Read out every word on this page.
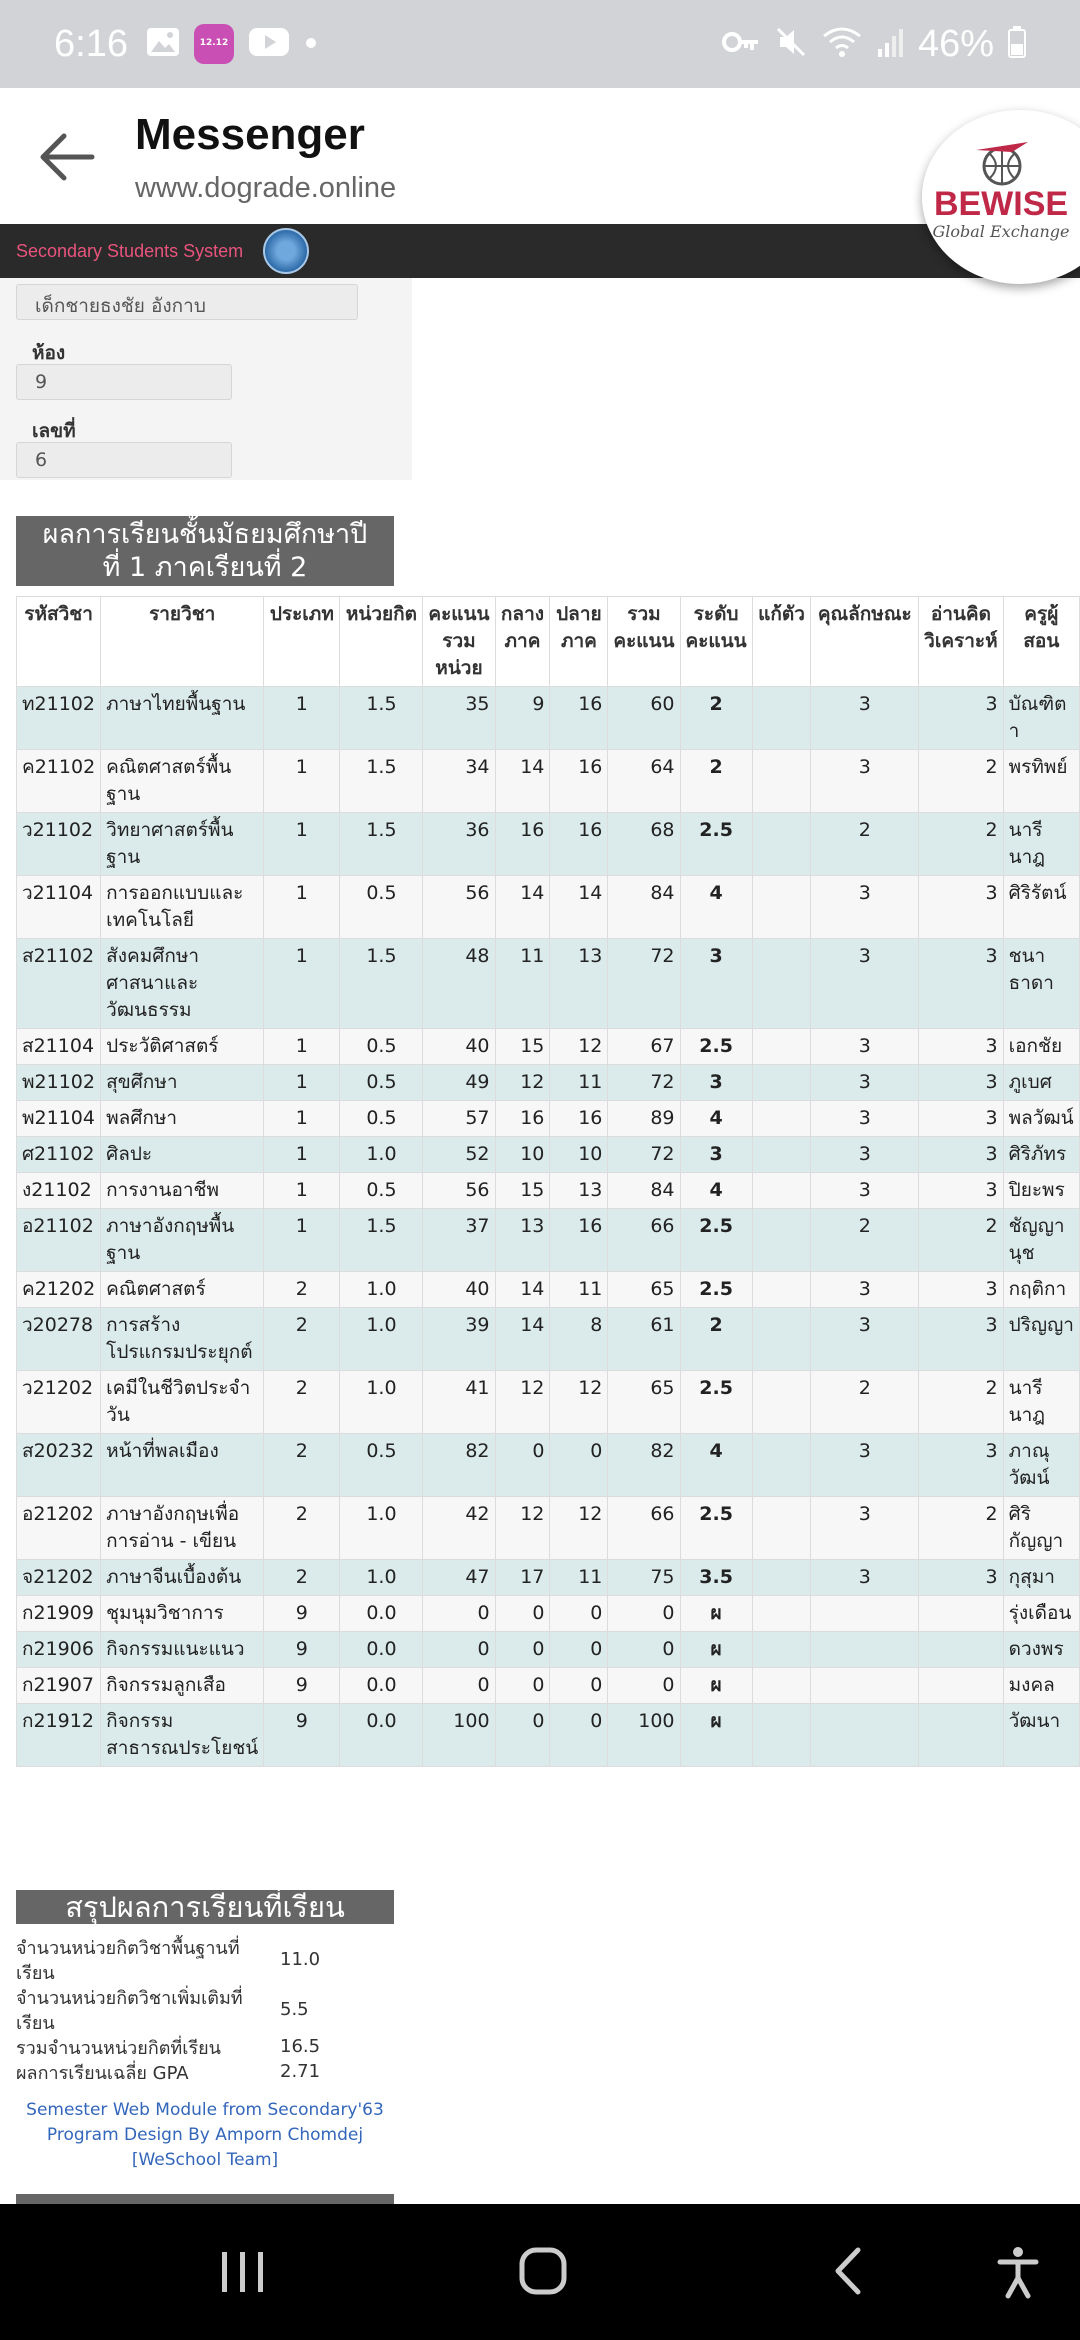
6:16	12.12	46%
Messenger
www.dograde.online	BEWISE
Global Exchange
Secondary Students System
เด็กชายธงชัย อังกาบ
ห้อง
9
เลขที่
6
ผลการเรียนชั้นมัธยมศึกษาปี
ที่ 1 ภาคเรียนที่ 2
รหัสวิชา	รายวิชา	ประเภท	หน่วยกิต	คะแนนรวมหน่วย	กลางภาค	ปลายภาค	รวมคะแนน	ระดับคะแนน	แก้ตัว	คุณลักษณะ	อ่านคิดวิเคราะห์	ครูผู้สอน
ท21102	ภาษาไทยพื้นฐาน	1	1.5	35	9	16	60	2		3	3	บัณฑิตา
ค21102	คณิตศาสตร์พื้นฐาน	1	1.5	34	14	16	64	2		3	2	พรทิพย์
ว21102	วิทยาศาสตร์พื้นฐาน	1	1.5	36	16	16	68	2.5		2	2	นารีนาฎ
ว21104	การออกแบบและเทคโนโลยี	1	0.5	56	14	14	84	4		3	3	ศิริรัตน์
ส21102	สังคมศึกษา ศาสนาและวัฒนธรรม	1	1.5	48	11	13	72	3		3	3	ชนาธาดา
ส21104	ประวัติศาสตร์	1	0.5	40	15	12	67	2.5		3	3	เอกชัย
พ21102	สุขศึกษา	1	0.5	49	12	11	72	3		3	3	ภูเบศ
พ21104	พลศึกษา	1	0.5	57	16	16	89	4		3	3	พลวัฒน์
ศ21102	ศิลปะ	1	1.0	52	10	10	72	3		3	3	ศิริภัทร
ง21102	การงานอาชีพ	1	0.5	56	15	13	84	4		3	3	ปิยะพร
อ21102	ภาษาอังกฤษพื้นฐาน	1	1.5	37	13	16	66	2.5		2	2	ชัญญานุช
ค21202	คณิตศาสตร์	2	1.0	40	14	11	65	2.5		3	3	กฤติกา
ว20278	การสร้างโปรแกรมประยุกต์	2	1.0	39	14	8	61	2		3	3	ปริญญา
ว21202	เคมีในชีวิตประจำวัน	2	1.0	41	12	12	65	2.5		2	2	นารีนาฎ
ส20232	หน้าที่พลเมือง	2	0.5	82	0	0	82	4		3	3	ภาณุวัฒน์
อ21202	ภาษาอังกฤษเพื่อการอ่าน - เขียน	2	1.0	42	12	12	66	2.5		3	2	ศิริกัญญา
จ21202	ภาษาจีนเบื้องต้น	2	1.0	47	17	11	75	3.5		3	3	กุสุมา
ก21909	ชุมนุมวิชาการ	9	0.0	0	0	0	0	ผ				รุ่งเดือน
ก21906	กิจกรรมแนะแนว	9	0.0	0	0	0	0	ผ				ดวงพร
ก21907	กิจกรรมลูกเสือ	9	0.0	0	0	0	0	ผ				มงคล
ก21912	กิจกรรมสาธารณประโยชน์	9	0.0	100	0	0	100	ผ				วัฒนา
สรุปผลการเรียนที่เรียน
จำนวนหน่วยกิตวิชาพื้นฐานที่เรียน
11.0
จำนวนหน่วยกิตวิชาเพิ่มเติมที่เรียน
5.5
รวมจำนวนหน่วยกิตที่เรียน	16.5
ผลการเรียนเฉลี่ย GPA	2.71
Semester Web Module from Secondary'63 Program Design By Amporn Chomdej [WeSchool Team]
